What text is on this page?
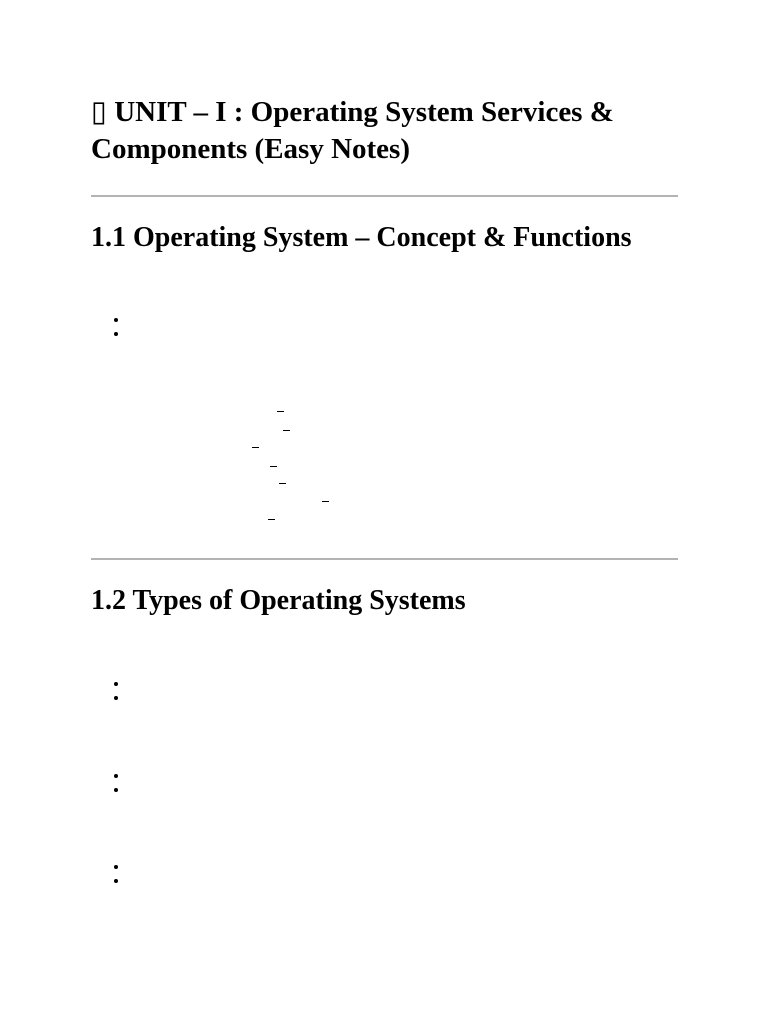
▯ UNIT – I : Operating System Services & Components (Easy Notes)
1.1 Operating System – Concept & Functions
1.2 Types of Operating Systems
